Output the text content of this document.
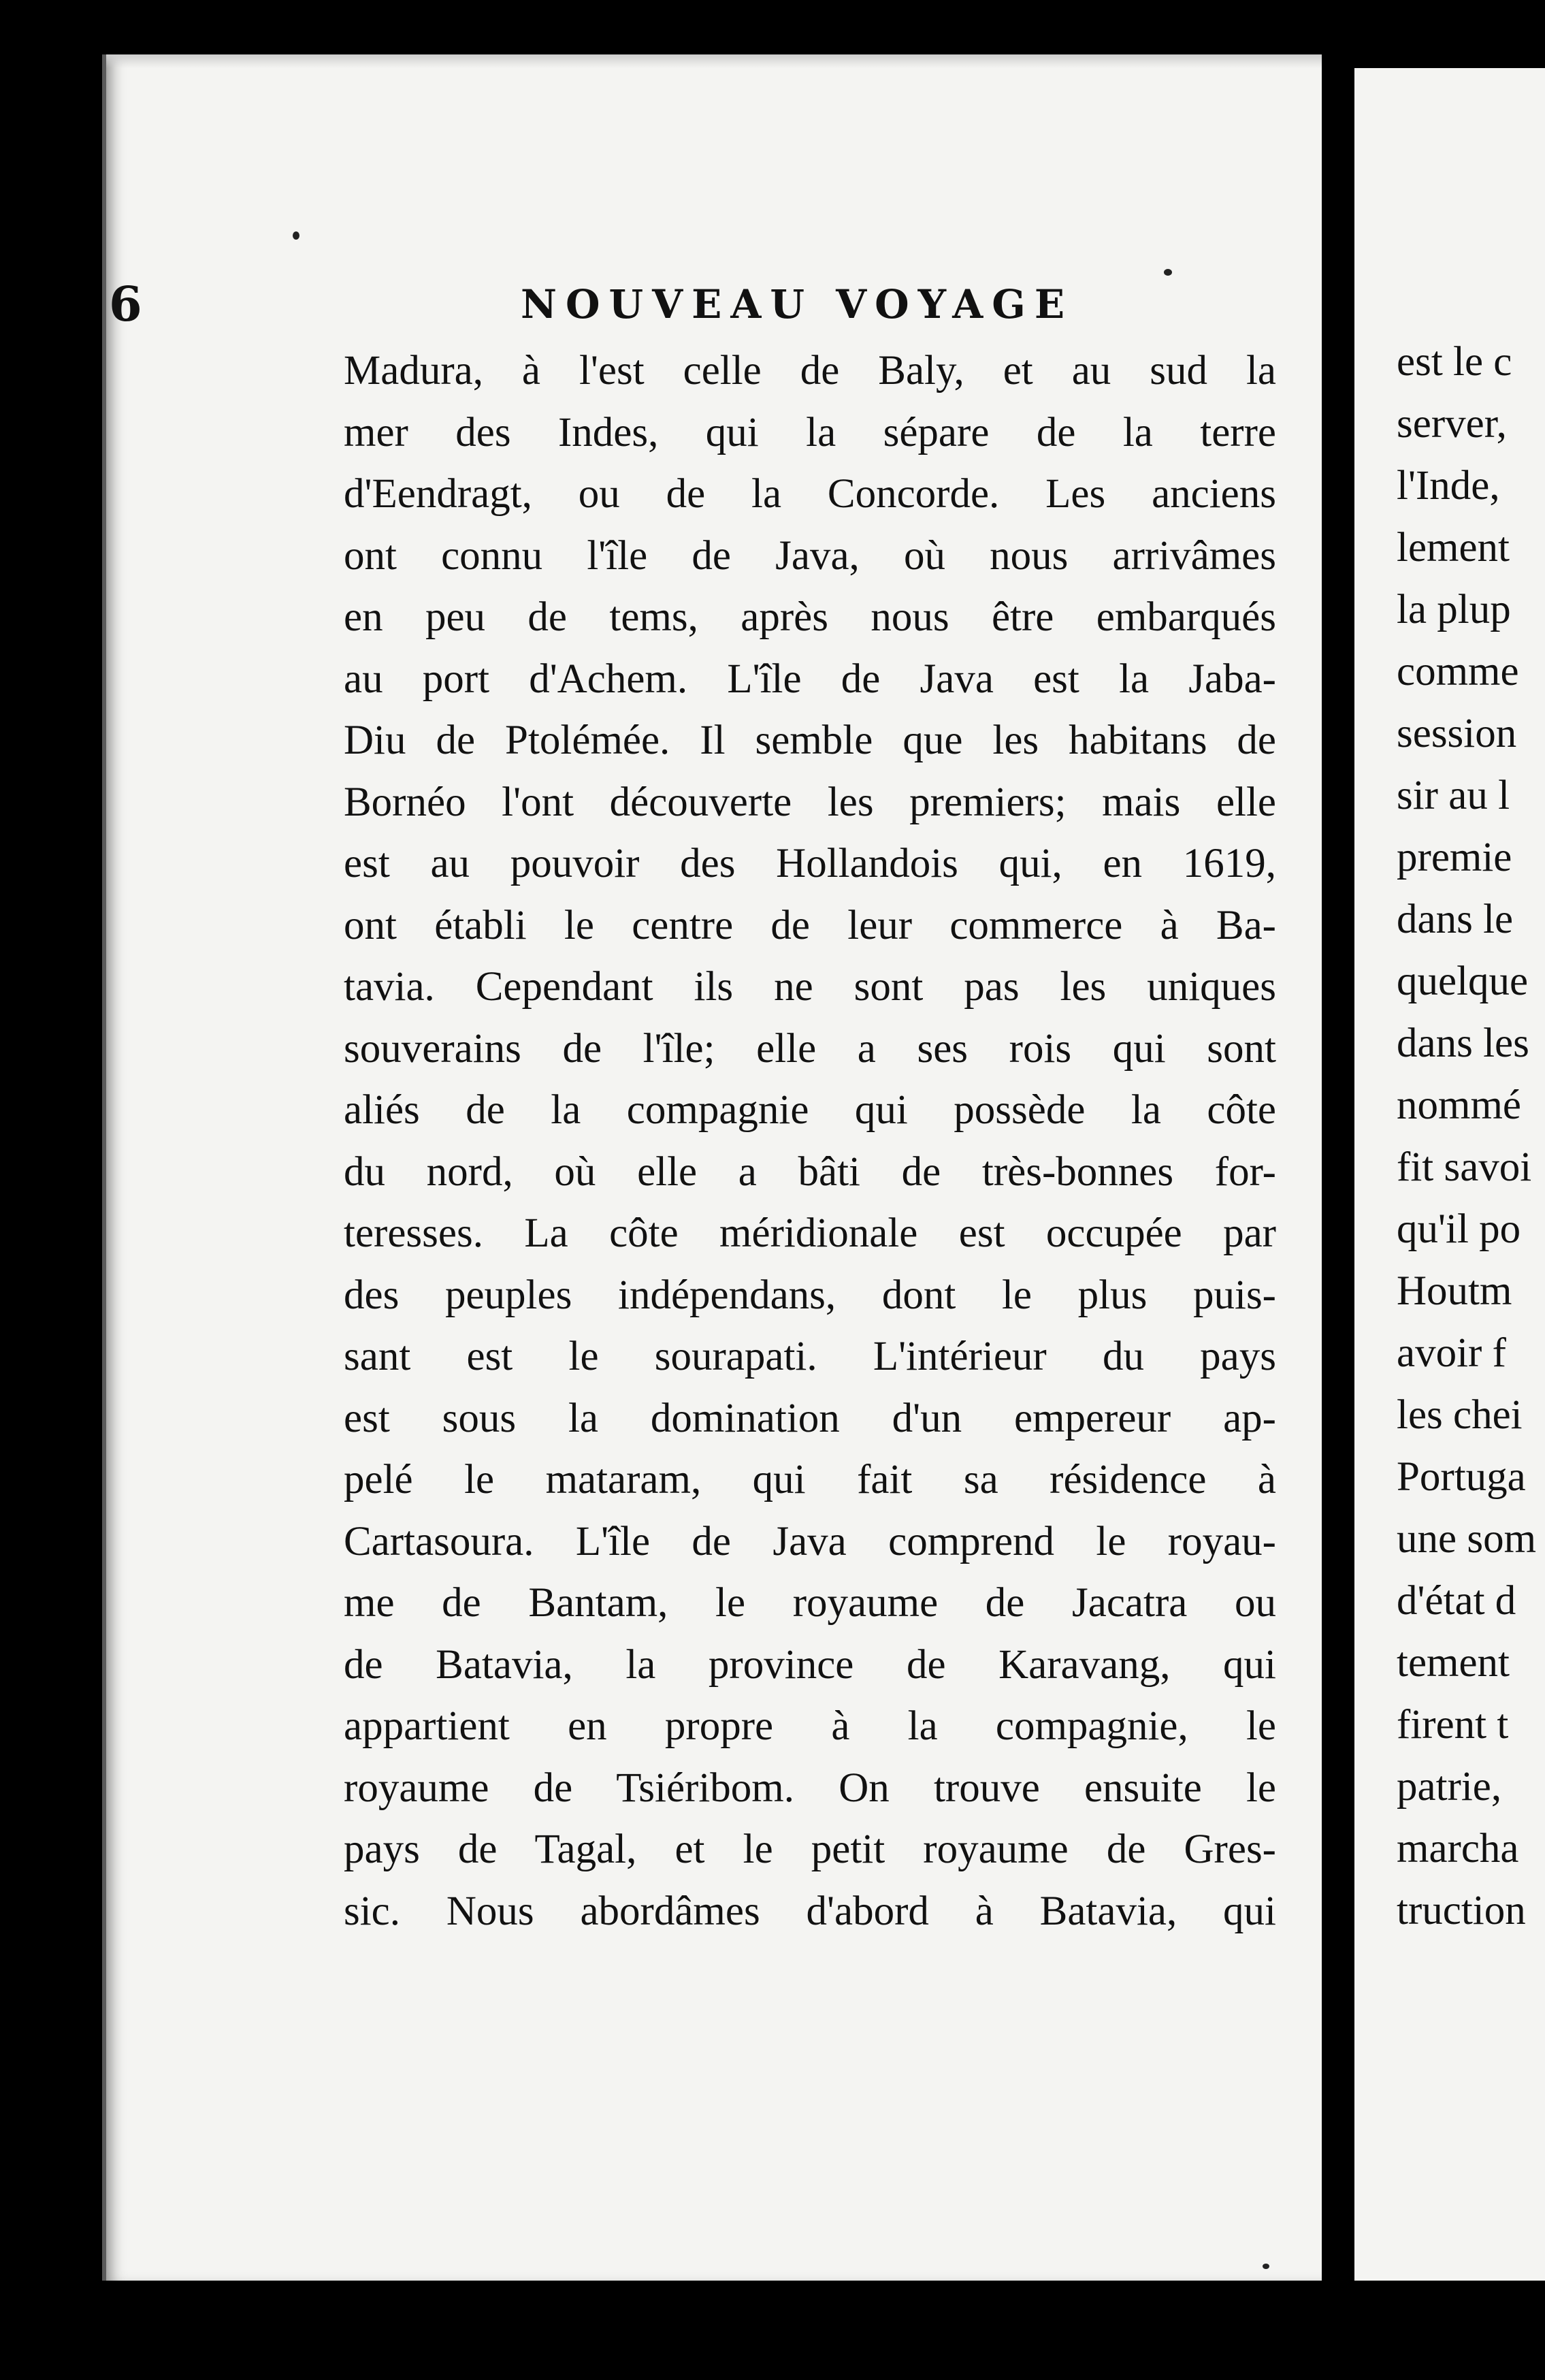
6	NOUVEAU VOYAGE
Madura, à l'est celle de Baly, et au sud la
mer des Indes, qui la sépare de la terre
d'Eendragt, ou de la Concorde. Les anciens
ont connu l'île de Java, où nous arrivâmes
en peu de tems, après nous être embarqués
au port d'Achem. L'île de Java est la Jaba-
Diu de Ptolémée. Il semble que les habitans de
Bornéo l'ont découverte les premiers; mais elle
est au pouvoir des Hollandois qui, en 1619,
ont établi le centre de leur commerce à Ba-
tavia. Cependant ils ne sont pas les uniques
souverains de l'île; elle a ses rois qui sont
aliés de la compagnie qui possède la côte
du nord, où elle a bâti de très-bonnes for-
teresses. La côte méridionale est occupée par
des peuples indépendans, dont le plus puis-
sant est le sourapati. L'intérieur du pays
est sous la domination d'un empereur ap-
pelé le mataram, qui fait sa résidence à
Cartasoura. L'île de Java comprend le royau-
me de Bantam, le royaume de Jacatra ou
de Batavia, la province de Karavang, qui
appartient en propre à la compagnie, le
royaume de Tsiéribom. On trouve ensuite le
pays de Tagal, et le petit royaume de Gres-
sic. Nous abordâmes d'abord à Batavia, qui
est le c
server,
l'Inde,
lement
la plup
comme
session
sir au l
premie
dans le
quelque
dans les
nommé
fit savoi
qu'il po
Houtm
avoir f
les chei
Portuga
une som
d'état d
tement
firent t
patrie,
marcha
truction
